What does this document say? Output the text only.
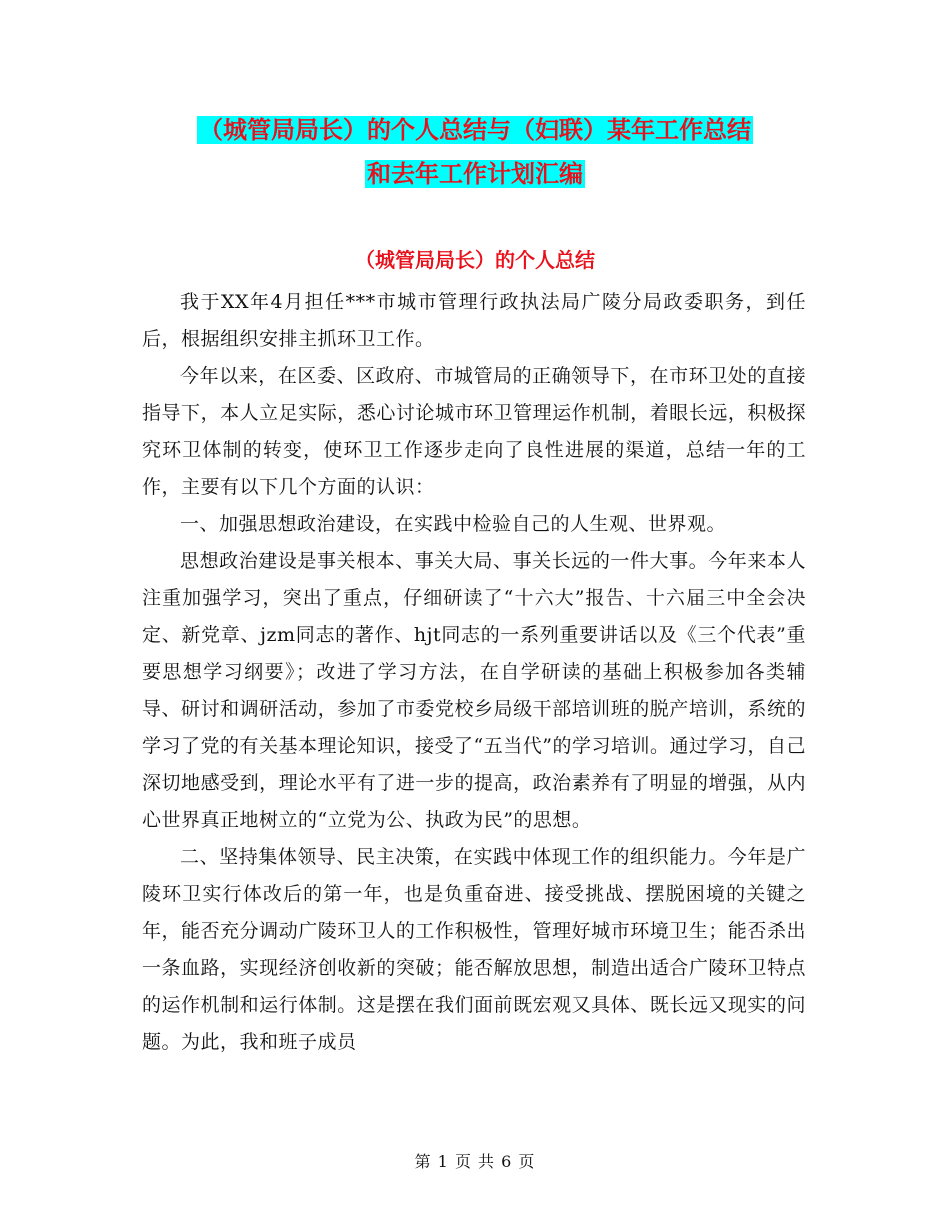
（城管局局长）的个人总结与（妇联）某年工作总结
和去年工作计划汇编
（城管局局长）的个人总结

我于XX年4月担任***市城市管理行政执法局广陵分局政委职务，到任后，根据组织安排主抓环卫工作。

今年以来，在区委、区政府、市城管局的正确领导下，在市环卫处的直接指导下，本人立足实际，悉心讨论城市环卫管理运作机制，着眼长远，积极探究环卫体制的转变，使环卫工作逐步走向了良性进展的渠道，总结一年的工作，主要有以下几个方面的认识：

一、加强思想政治建设，在实践中检验自己的人生观、世界观。

思想政治建设是事关根本、事关大局、事关长远的一件大事。今年来本人注重加强学习，突出了重点，仔细研读了“十六大”报告、十六届三中全会决定、新党章、jzm同志的著作、hjt同志的一系列重要讲话以及《三个代表”重要思想学习纲要》；改进了学习方法，在自学研读的基础上积极参加各类辅导、研讨和调研活动，参加了市委党校乡局级干部培训班的脱产培训，系统的学习了党的有关基本理论知识，接受了“五当代”的学习培训。通过学习，自己深切地感受到，理论水平有了进一步的提高，政治素养有了明显的增强，从内心世界真正地树立的“立党为公、执政为民”的思想。

二、坚持集体领导、民主决策，在实践中体现工作的组织能力。今年是广陵环卫实行体改后的第一年，也是负重奋进、接受挑战、摆脱困境的关键之年，能否充分调动广陵环卫人的工作积极性，管理好城市环境卫生；能否杀出一条血路，实现经济创收新的突破；能否解放思想，制造出适合广陵环卫特点的运作机制和运行体制。这是摆在我们面前既宏观又具体、既长远又现实的问题。为此，我和班子成员

第 1 页 共 6 页
